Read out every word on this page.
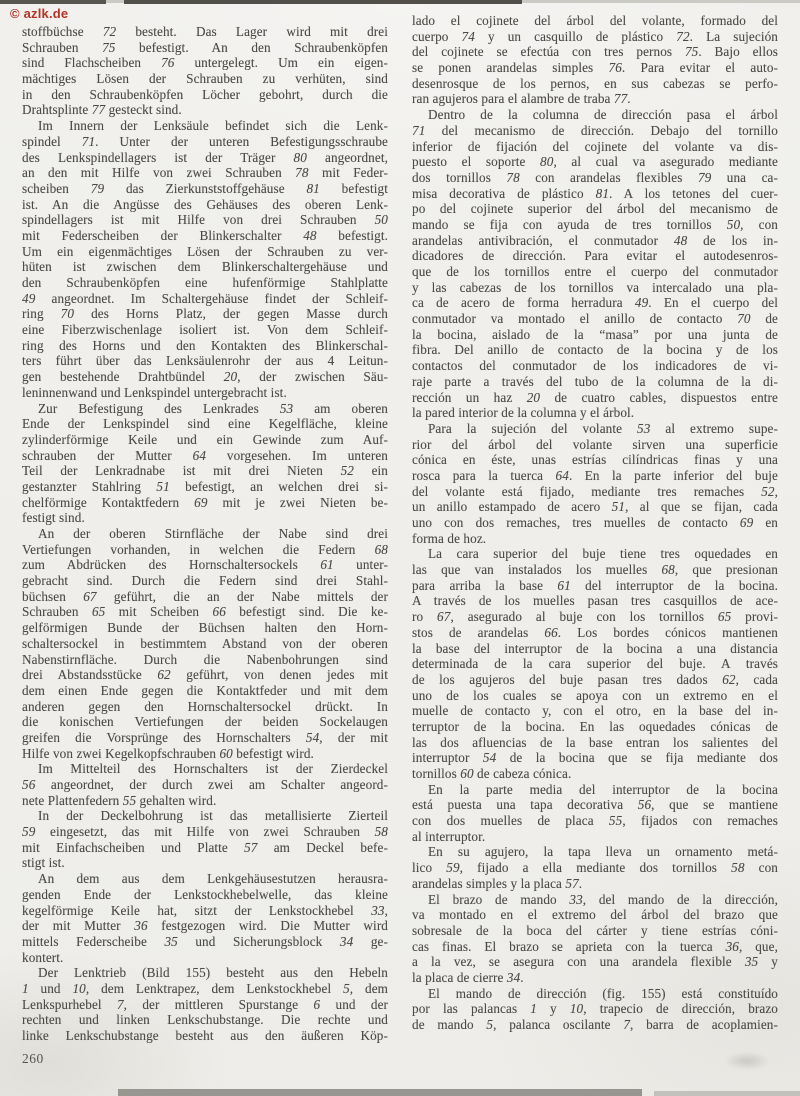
© azlk.de
stoffbüchse 72 besteht. Das Lager wird mit drei
Schrauben 75 befestigt. An den Schraubenköpfen
sind Flachscheiben 76 untergelegt. Um ein eigen-
mächtiges Lösen der Schrauben zu verhüten, sind
in den Schraubenköpfen Löcher gebohrt, durch die
Drahtsplinte 77 gesteckt sind.
Im Innern der Lenksäule befindet sich die Lenk-
spindel 71. Unter der unteren Befestigungsschraube
des Lenkspindellagers ist der Träger 80 angeordnet,
an den mit Hilfe von zwei Schrauben 78 mit Feder-
scheiben 79 das Zierkunststoffgehäuse 81 befestigt
ist. An die Angüsse des Gehäuses des oberen Lenk-
spindellagers ist mit Hilfe von drei Schrauben 50
mit Federscheiben der Blinkerschalter 48 befestigt.
Um ein eigenmächtiges Lösen der Schrauben zu ver-
hüten ist zwischen dem Blinkerschaltergehäuse und
den Schraubenköpfen eine hufenförmige Stahlplatte
49 angeordnet. Im Schaltergehäuse findet der Schleif-
ring 70 des Horns Platz, der gegen Masse durch
eine Fiberzwischenlage isoliert ist. Von dem Schleif-
ring des Horns und den Kontakten des Blinkerschal-
ters führt über das Lenksäulenrohr der aus 4 Leitun-
gen bestehende Drahtbündel 20, der zwischen Säu-
leninnenwand und Lenkspindel untergebracht ist.
Zur Befestigung des Lenkrades 53 am oberen
Ende der Lenkspindel sind eine Kegelfläche, kleine
zylinderförmige Keile und ein Gewinde zum Auf-
schrauben der Mutter 64 vorgesehen. Im unteren
Teil der Lenkradnabe ist mit drei Nieten 52 ein
gestanzter Stahlring 51 befestigt, an welchen drei si-
chelförmige Kontaktfedern 69 mit je zwei Nieten be-
festigt sind.
An der oberen Stirnfläche der Nabe sind drei
Vertiefungen vorhanden, in welchen die Federn 68
zum Abdrücken des Hornschaltersockels 61 unter-
gebracht sind. Durch die Federn sind drei Stahl-
büchsen 67 geführt, die an der Nabe mittels der
Schrauben 65 mit Scheiben 66 befestigt sind. Die ke-
gelförmigen Bunde der Büchsen halten den Horn-
schaltersockel in bestimmtem Abstand von der oberen
Nabenstirnfläche. Durch die Nabenbohrungen sind
drei Abstandsstücke 62 geführt, von denen jedes mit
dem einen Ende gegen die Kontaktfeder und mit dem
anderen gegen den Hornschaltersockel drückt. In
die konischen Vertiefungen der beiden Sockelaugen
greifen die Vorsprünge des Hornschalters 54, der mit
Hilfe von zwei Kegelkopfschrauben 60 befestigt wird.
Im Mittelteil des Hornschalters ist der Zierdeckel
56 angeordnet, der durch zwei am Schalter angeord-
nete Plattenfedern 55 gehalten wird.
In der Deckelbohrung ist das metallisierte Zierteil
59 eingesetzt, das mit Hilfe von zwei Schrauben 58
mit Einfachscheiben und Platte 57 am Deckel befe-
stigt ist.
An dem aus dem Lenkgehäusestutzen herausra-
genden Ende der Lenkstockhebelwelle, das kleine
kegelförmige Keile hat, sitzt der Lenkstockhebel 33,
der mit Mutter 36 festgezogen wird. Die Mutter wird
mittels Federscheibe 35 und Sicherungsblock 34 ge-
kontert.
Der Lenktrieb (Bild 155) besteht aus den Hebeln
1 und 10, dem Lenktrapez, dem Lenkstockhebel 5, dem
Lenkspurhebel 7, der mittleren Spurstange 6 und der
rechten und linken Lenkschubstange. Die rechte und
linke Lenkschubstange besteht aus den äußeren Köp-
lado el cojinete del árbol del volante, formado del
cuerpo 74 y un casquillo de plástico 72. La sujeción
del cojinete se efectúa con tres pernos 75. Bajo ellos
se ponen arandelas simples 76. Para evitar el auto-
desenrosque de los pernos, en sus cabezas se perfo-
ran agujeros para el alambre de traba 77.
Dentro de la columna de dirección pasa el árbol
71 del mecanismo de dirección. Debajo del tornillo
inferior de fijación del cojinete del volante va dis-
puesto el soporte 80, al cual va asegurado mediante
dos tornillos 78 con arandelas flexibles 79 una ca-
misa decorativa de plástico 81. A los tetones del cuer-
po del cojinete superior del árbol del mecanismo de
mando se fija con ayuda de tres tornillos 50, con
arandelas antivibración, el conmutador 48 de los in-
dicadores de dirección. Para evitar el autodesenros-
que de los tornillos entre el cuerpo del conmutador
y las cabezas de los tornillos va intercalado una pla-
ca de acero de forma herradura 49. En el cuerpo del
conmutador va montado el anillo de contacto 70 de
la bocina, aislado de la “masa” por una junta de
fibra. Del anillo de contacto de la bocina y de los
contactos del conmutador de los indicadores de vi-
raje parte a través del tubo de la columna de la di-
rección un haz 20 de cuatro cables, dispuestos entre
la pared interior de la columna y el árbol.
Para la sujeción del volante 53 al extremo supe-
rior del árbol del volante sirven una superficie
cónica en éste, unas estrías cilíndricas finas y una
rosca para la tuerca 64. En la parte inferior del buje
del volante está fijado, mediante tres remaches 52,
un anillo estampado de acero 51, al que se fijan, cada
uno con dos remaches, tres muelles de contacto 69 en
forma de hoz.
La cara superior del buje tiene tres oquedades en
las que van instalados los muelles 68, que presionan
para arriba la base 61 del interruptor de la bocina.
A través de los muelles pasan tres casquillos de ace-
ro 67, asegurado al buje con los tornillos 65 provi-
stos de arandelas 66. Los bordes cónicos mantienen
la base del interruptor de la bocina a una distancia
determinada de la cara superior del buje. A través
de los agujeros del buje pasan tres dados 62, cada
uno de los cuales se apoya con un extremo en el
muelle de contacto y, con el otro, en la base del in-
terruptor de la bocina. En las oquedades cónicas de
las dos afluencias de la base entran los salientes del
interruptor 54 de la bocina que se fija mediante dos
tornillos 60 de cabeza cónica.
En la parte media del interruptor de la bocina
está puesta una tapa decorativa 56, que se mantiene
con dos muelles de placa 55, fijados con remaches
al interruptor.
En su agujero, la tapa lleva un ornamento metá-
lico 59, fijado a ella mediante dos tornillos 58 con
arandelas simples y la placa 57.
El brazo de mando 33, del mando de la dirección,
va montado en el extremo del árbol del brazo que
sobresale de la boca del cárter y tiene estrías cóni-
cas finas. El brazo se aprieta con la tuerca 36, que,
a la vez, se asegura con una arandela flexible 35 y
la placa de cierre 34.
El mando de dirección (fig. 155) está constituído
por las palancas 1 y 10, trapecio de dirección, brazo
de mando 5, palanca oscilante 7, barra de acoplamien-
260
